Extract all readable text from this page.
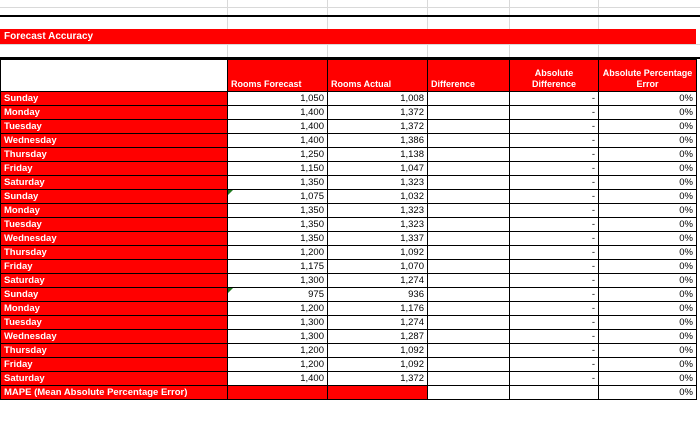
Forecast Accuracy
	Rooms Forecast	Rooms Actual	Difference	Absolute Difference	Absolute Percentage Error
Sunday	1,050	1,008		-	0%
Monday	1,400	1,372		-	0%
Tuesday	1,400	1,372		-	0%
Wednesday	1,400	1,386		-	0%
Thursday	1,250	1,138		-	0%
Friday	1,150	1,047		-	0%
Saturday	1,350	1,323		-	0%
Sunday	1,075	1,032		-	0%
Monday	1,350	1,323		-	0%
Tuesday	1,350	1,323		-	0%
Wednesday	1,350	1,337		-	0%
Thursday	1,200	1,092		-	0%
Friday	1,175	1,070		-	0%
Saturday	1,300	1,274		-	0%
Sunday	975	936		-	0%
Monday	1,200	1,176		-	0%
Tuesday	1,300	1,274		-	0%
Wednesday	1,300	1,287		-	0%
Thursday	1,200	1,092		-	0%
Friday	1,200	1,092		-	0%
Saturday	1,400	1,372		-	0%
MAPE (Mean Absolute Percentage Error)					0%
